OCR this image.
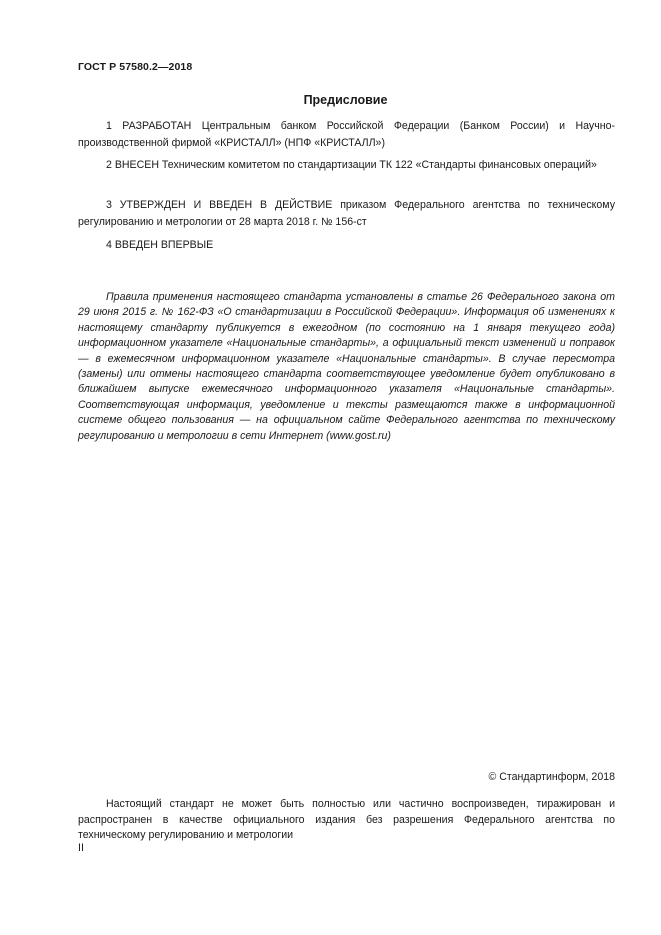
ГОСТ Р 57580.2—2018
Предисловие

1 РАЗРАБОТАН Центральным банком Российской Федерации (Банком России) и Научно-производственной фирмой «КРИСТАЛЛ» (НПФ «КРИСТАЛЛ»)

2 ВНЕСЕН Техническим комитетом по стандартизации ТК 122 «Стандарты финансовых операций»

3 УТВЕРЖДЕН И ВВЕДЕН В ДЕЙСТВИЕ приказом Федерального агентства по техническому регулированию и метрологии от 28 марта 2018 г. № 156-ст

4 ВВЕДЕН ВПЕРВЫЕ

Правила применения настоящего стандарта установлены в статье 26 Федерального закона от 29 июня 2015 г. № 162-ФЗ «О стандартизации в Российской Федерации». Информация об изменениях к настоящему стандарту публикуется в ежегодном (по состоянию на 1 января текущего года) информационном указателе «Национальные стандарты», а официальный текст изменений и поправок — в ежемесячном информационном указателе «Национальные стандарты». В случае пересмотра (замены) или отмены настоящего стандарта соответствующее уведомление будет опубликовано в ближайшем выпуске ежемесячного информационного указателя «Национальные стандарты». Соответствующая информация, уведомление и тексты размещаются также в информационной системе общего пользования — на официальном сайте Федерального агентства по техническому регулированию и метрологии в сети Интернет (www.gost.ru)

© Стандартинформ, 2018

Настоящий стандарт не может быть полностью или частично воспроизведен, тиражирован и распространен в качестве официального издания без разрешения Федерального агентства по техническому регулированию и метрологии

II
